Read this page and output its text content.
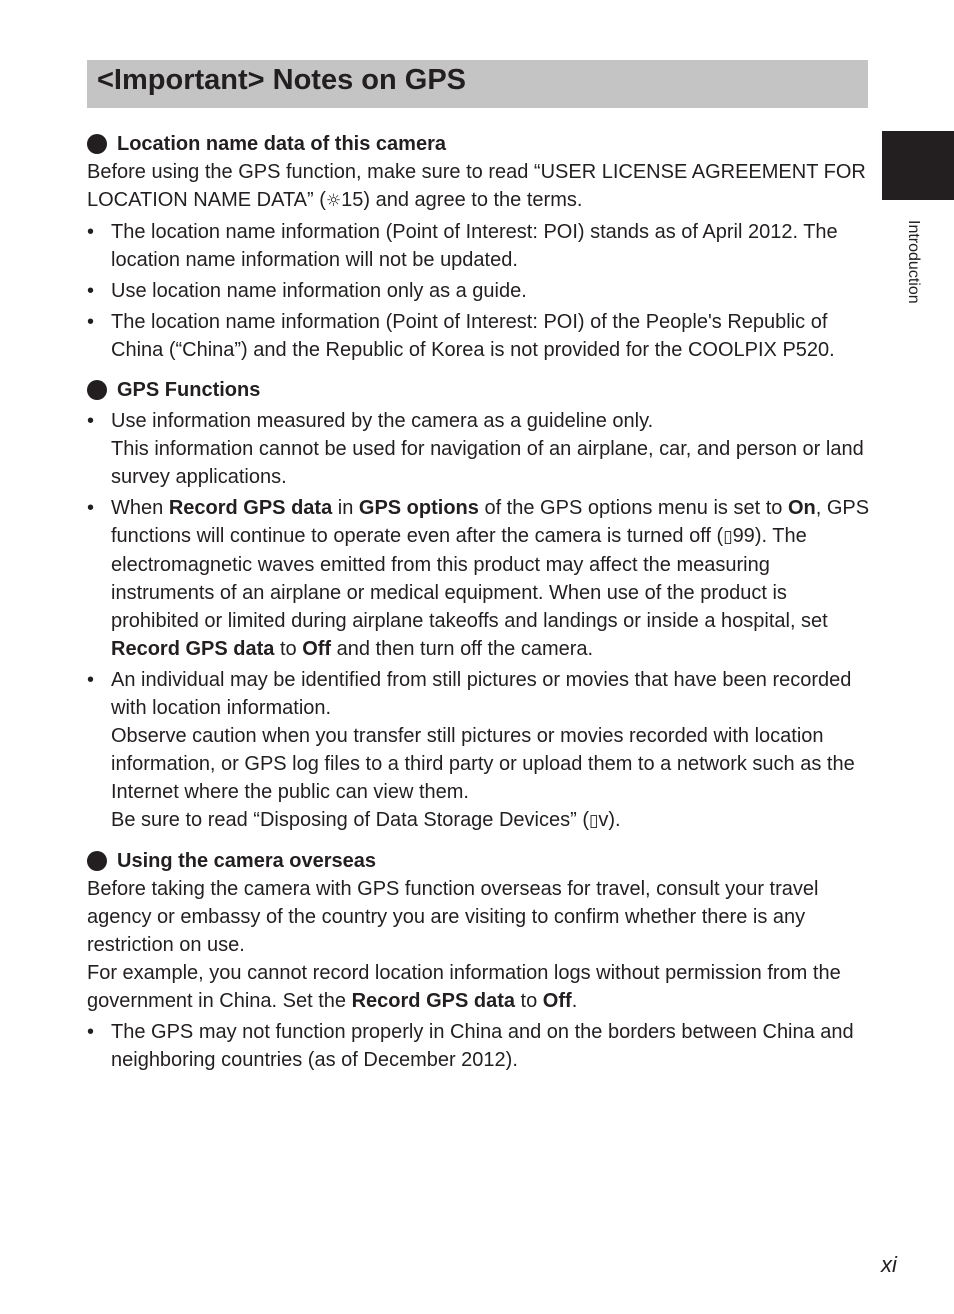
<Important> Notes on GPS
Introduction
Location name data of this camera

Before using the GPS function, make sure to read “USER LICENSE AGREEMENT FOR LOCATION NAME DATA” (☼15) and agree to the terms.

• The location name information (Point of Interest: POI) stands as of April 2012. The location name information will not be updated.
• Use location name information only as a guide.
• The location name information (Point of Interest: POI) of the People's Republic of China (“China”) and the Republic of Korea is not provided for the COOLPIX P520.
GPS Functions
• Use information measured by the camera as a guideline only.
This information cannot be used for navigation of an airplane, car, and person or land survey applications.
• When Record GPS data in GPS options of the GPS options menu is set to On, GPS functions will continue to operate even after the camera is turned off (▯99). The electromagnetic waves emitted from this product may affect the measuring instruments of an airplane or medical equipment. When use of the product is prohibited or limited during airplane takeoffs and landings or inside a hospital, set Record GPS data to Off and then turn off the camera.
• An individual may be identified from still pictures or movies that have been recorded with location information.
Observe caution when you transfer still pictures or movies recorded with location information, or GPS log files to a third party or upload them to a network such as the Internet where the public can view them.
Be sure to read “Disposing of Data Storage Devices” (▯v).
Using the camera overseas

Before taking the camera with GPS function overseas for travel, consult your travel agency or embassy of the country you are visiting to confirm whether there is any restriction on use.

For example, you cannot record location information logs without permission from the government in China. Set the Record GPS data to Off.

• The GPS may not function properly in China and on the borders between China and neighboring countries (as of December 2012).
xi
